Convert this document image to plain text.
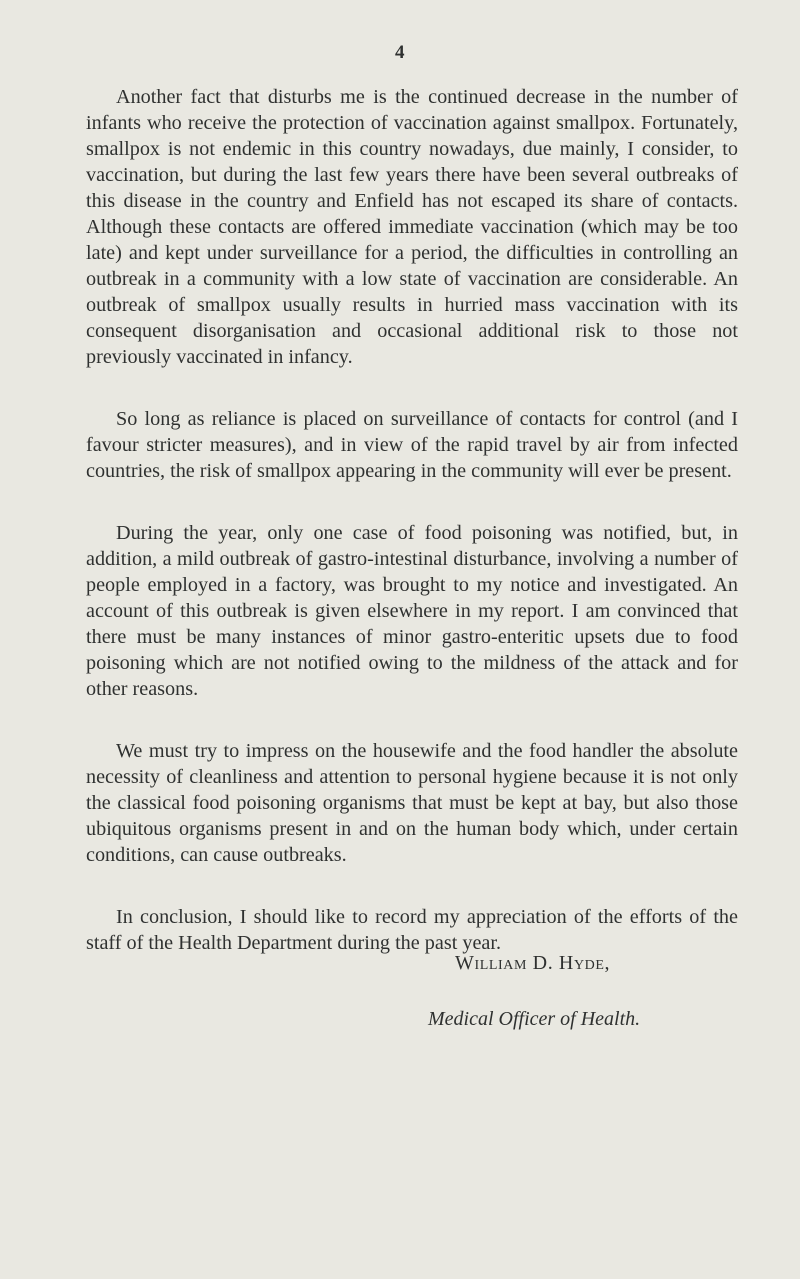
4

Another fact that disturbs me is the continued decrease in the number of infants who receive the protection of vaccination against smallpox. Fortunately, smallpox is not endemic in this country nowadays, due mainly, I consider, to vaccination, but during the last few years there have been several outbreaks of this disease in the country and Enfield has not escaped its share of contacts. Although these contacts are offered immediate vaccination (which may be too late) and kept under surveillance for a period, the difficulties in controlling an outbreak in a community with a low state of vaccination are considerable. An outbreak of smallpox usually results in hurried mass vaccination with its consequent disorganisation and occasional additional risk to those not previously vaccinated in infancy.

So long as reliance is placed on surveillance of contacts for control (and I favour stricter measures), and in view of the rapid travel by air from infected countries, the risk of smallpox appearing in the community will ever be present.

During the year, only one case of food poisoning was notified, but, in addition, a mild outbreak of gastro-intestinal disturbance, involving a number of people employed in a factory, was brought to my notice and investigated. An account of this outbreak is given elsewhere in my report. I am convinced that there must be many instances of minor gastro-enteritic upsets due to food poisoning which are not notified owing to the mildness of the attack and for other reasons.

We must try to impress on the housewife and the food handler the absolute necessity of cleanliness and attention to personal hygiene because it is not only the classical food poisoning organisms that must be kept at bay, but also those ubiquitous organisms present in and on the human body which, under certain conditions, can cause outbreaks.

In conclusion, I should like to record my appreciation of the efforts of the staff of the Health Department during the past year.

William D. Hyde,
Medical Officer of Health.
